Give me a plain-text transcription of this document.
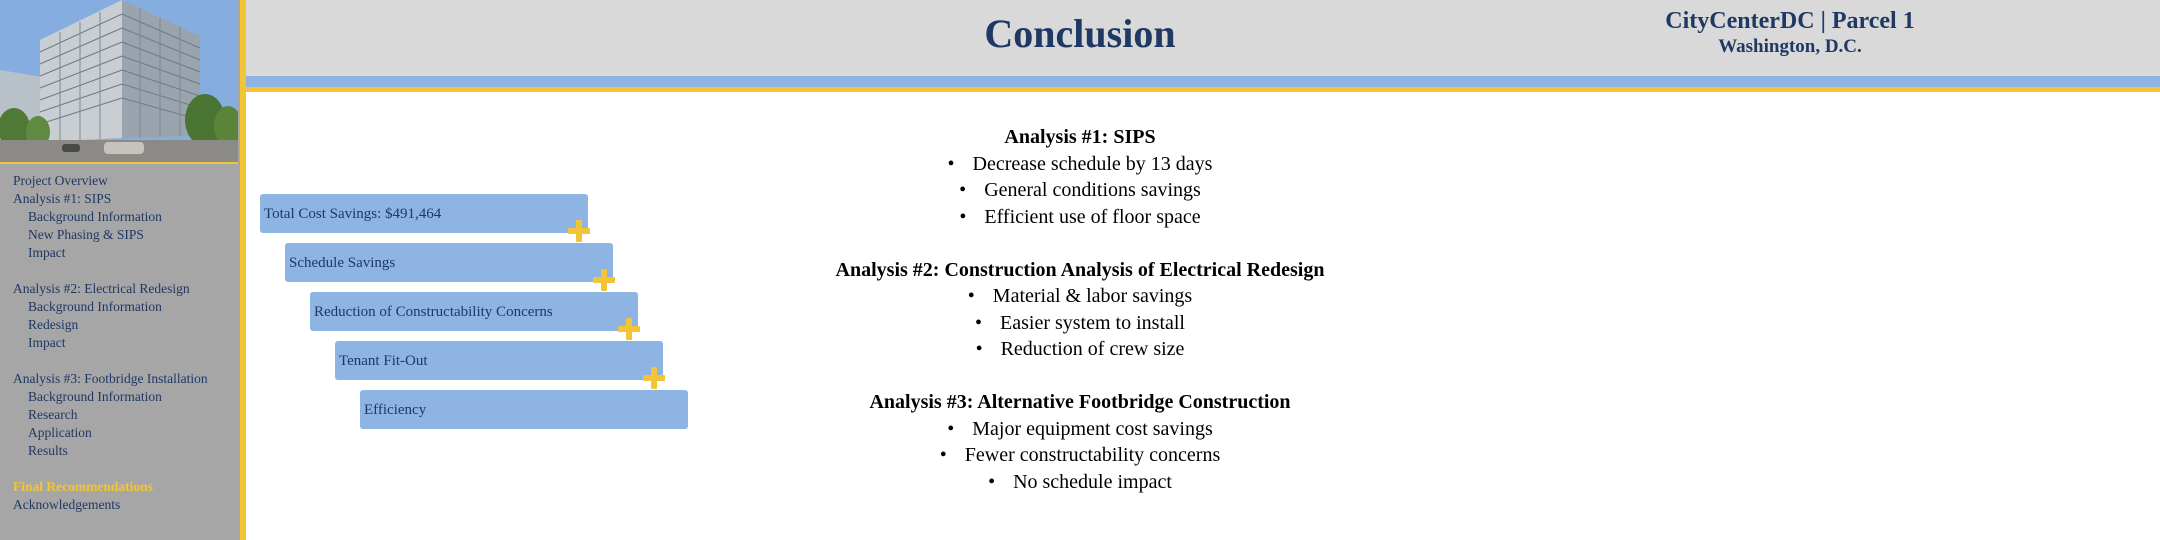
Project Overview
Analysis #1: SIPS
Background Information
New Phasing & SIPS
Impact
Analysis #2: Electrical Redesign
Background Information
Redesign
Impact
Analysis #3: Footbridge Installation
Background Information
Research
Application
Results
Final Recommendations
Acknowledgements
Conclusion	CityCenterDC | Parcel 1
Washington, D.C.
Total Cost Savings: $491,464
Schedule Savings
Reduction of Constructability Concerns
Tenant Fit-Out
Efficiency
Analysis #1: SIPS
• Decrease schedule by 13 days
• General conditions savings
• Efficient use of floor space
Analysis #2: Construction Analysis of Electrical Redesign
• Material & labor savings
• Easier system to install
• Reduction of crew size
Analysis #3: Alternative Footbridge Construction
• Major equipment cost savings
• Fewer constructability concerns
• No schedule impact
